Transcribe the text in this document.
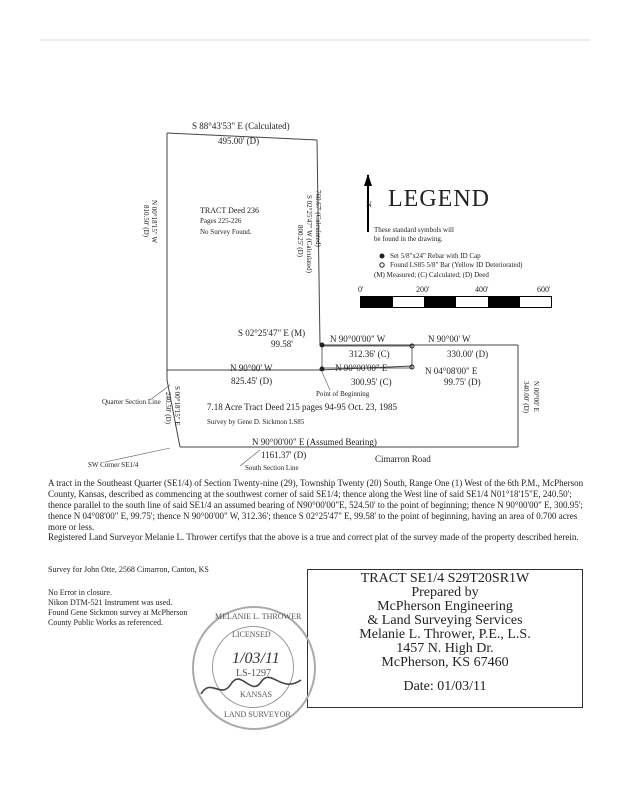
S 88°43'53" E (Calculated)
495.00' (D)
TRACT Deed 236
Pages 225-226
No Survey Found.
N 00°18'15" W
810.50' (D)	760.67' (Calculated)
S 02°25'47" W (Calculated)
800.25' (D)
S 02°25'47" E (M)
99.58'	N 90°00'00" W
312.36' (C)
N 90°00' W
330.00' (D)
N 90°00' W
825.45' (D)
N 90°00'00" E
300.95' (C)
N 04°08'00" E
99.75' (D)	N 00°00' E
340.00' (D)
Point of Beginning
Quarter Section Line S 00°18'15" E
240.50' (D)	7.18 Acre Tract Deed 215 pages 94-95 Oct. 23, 1985
Survey by Gene D. Sickmon LS85
N 90°00'00" E (Assumed Bearing)
1161.37' (D)	Cimarron Road
SW Corner SE1/4	South Section Line
N LEGEND
These standard symbols will
be found in the drawing.
Set 5/8"x24" Rebar with ID Cap
Found LS85 5/8" Bar (Yellow ID Deteriorated)
(M) Measured; (C) Calculated; (D) Deed
0'	200'	400'	600'
A tract in the Southeast Quarter (SE1/4) of Section Twenty-nine (29), Township Twenty (20) South, Range One (1) West of the 6th P.M., McPherson County, Kansas, described as commencing at the southwest corner of said SE1/4; thence along the West line of said SE1/4 N01°18'15"E, 240.50'; thence parallel to the south line of said SE1/4 an assumed bearing of N90°00'00"E, 524.50' to the point of beginning; thence N 90°00'00" E, 300.95'; thence N 04°08'00" E, 99.75'; thence N 90°00'00" W, 312.36'; thence S 02°25'47" E, 99.58' to the point of beginning, having an area of 0.700 acres more or less.
Registered Land Surveyor Melanie L. Thrower certifys that the above is a true and correct plat of the survey made of the property described herein.
Survey for John Otte, 2568 Cimarron, Canton, KS
No Error in closure.
Nikon DTM-521 Instrument was used.
Found Gene Sickmon survey at McPherson
County Public Works as referenced.
TRACT SE1/4 S29T20SR1W
Prepared by
McPherson Engineering
& Land Surveying Services
Melanie L. Thrower, P.E., L.S.
1457 N. High Dr.
McPherson, KS 67460
Date: 01/03/11
MELANIE L. THROWER
LICENSED
1/03/11
LS-1297
KANSAS
LAND SURVEYOR
